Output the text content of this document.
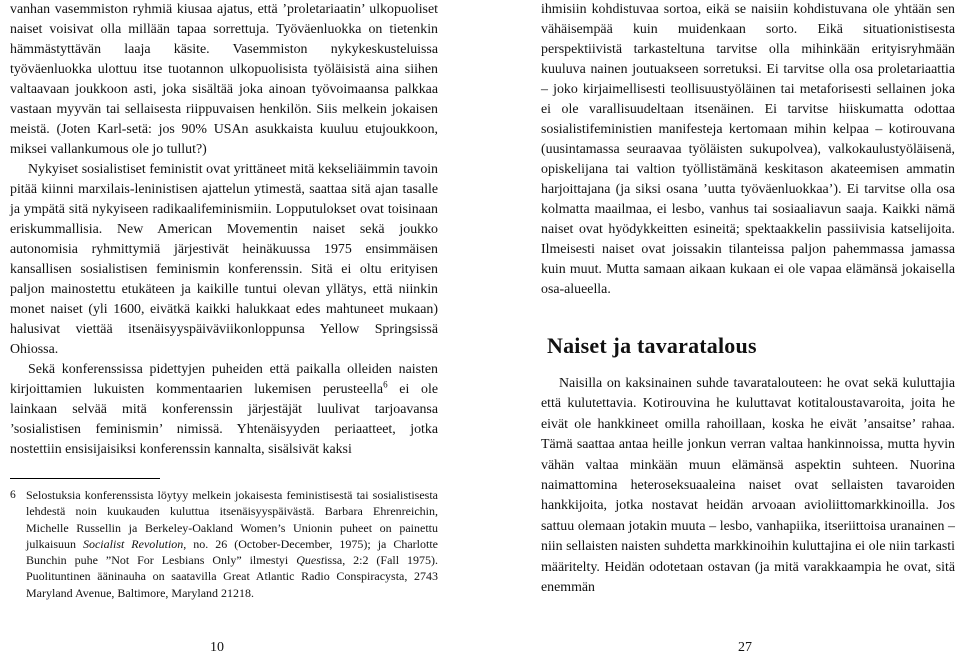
vanhan vasemmiston ryhmiä kiusaa ajatus, että ’proletariaatin’ ulkopuoliset naiset voisivat olla millään tapaa sorrettuja. Työväenluokka on tietenkin hämmästyttävän laaja käsite. Vasemmiston nykykeskusteluissa työväenluokka ulottuu itse tuotannon ulkopuolisista työläisistä aina siihen valtaavaan joukkoon asti, joka sisältää joka ainoan työvoimaansa palkkaa vastaan myyvän tai sellaisesta riippuvaisen henkilön. Siis melkein jokaisen meistä. (Joten Karl-setä: jos 90% USAn asukkaista kuuluu etujoukkoon, miksei vallankumous ole jo tullut?)

Nykyiset sosialistiset feministit ovat yrittäneet mitä kekseliäimmin tavoin pitää kiinni marxilais-leninistisen ajattelun ytimestä, saattaa sitä ajan tasalle ja ympätä sitä nykyiseen radikaalifeminismiin. Lopputulokset ovat toisinaan eriskummallisia. New American Movementin naiset sekä joukko autonomisia ryhmittymiä järjestivät heinäkuussa 1975 ensimmäisen kansallisen sosialistisen feminismin konferenssin. Sitä ei oltu erityisen paljon mainostettu etukäteen ja kaikille tuntui olevan yllätys, että niinkin monet naiset (yli 1600, eivätkä kaikki halukkaat edes mahtuneet mukaan) halusivat viettää itsenäisyyspäiväviikonloppunsa Yellow Springsissä Ohiossa.

Sekä konferenssissa pidettyjen puheiden että paikalla olleiden naisten kirjoittamien lukuisten kommentaarien lukemisen perusteella$^6$ ei ole lainkaan selvää mitä konferenssin järjestäjät luulivat tarjoavansa ’sosialistisen feminismin’ nimissä. Yhtenäisyyden periaatteet, jotka nostettiin ensisijaisiksi konferenssin kannalta, sisälsivät kaksi

6 Selostuksia konferenssista löytyy melkein jokaisesta feministisestä tai sosialistisesta lehdestä noin kuukauden kuluttua itsenäisyyspäivästä. Barbara Ehrenreichin, Michelle Russellin ja Berkeley-Oakland Women’s Unionin puheet on painettu julkaisuun Socialist Revolution, no. 26 (October-December, 1975); ja Charlotte Bunchin puhe ”Not For Lesbians Only” ilmestyi Questissa, 2:2 (Fall 1975). Puolituntinen ääninauha on saatavilla Great Atlantic Radio Conspiracysta, 2743 Maryland Avenue, Baltimore, Maryland 21218.

ihmisiin kohdistuvaa sortoa, eikä se naisiin kohdistuvana ole yhtään sen vähäisempää kuin muidenkaan sorto. Eikä situationistisesta perspektiivistä tarkasteltuna tarvitse olla mihinkään erityisryhmään kuuluva nainen joutuakseen sorretuksi. Ei tarvitse olla osa proletariaattia – joko kirjaimellisesti teollisuustyöläinen tai metaforisesti sellainen joka ei ole varallisuudeltaan itsenäinen. Ei tarvitse hiiskumatta odottaa sosialistifeministien manifesteja kertomaan mihin kelpaa – kotirouvana (uusintamassa seuraavaa työläisten sukupolvea), valkokaulustyöläisenä, opiskelijana tai valtion työllistämänä keskitason akateemisen ammatin harjoittajana (ja siksi osana ’uutta työväenluokkaa’). Ei tarvitse olla osa kolmatta maailmaa, ei lesbo, vanhus tai sosiaaliavun saaja. Kaikki nämä naiset ovat hyödykkeitten esineitä; spektaakkelin passiivisia katselijoita. Ilmeisesti naiset ovat joissakin tilanteissa paljon pahemmassa jamassa kuin muut. Mutta samaan aikaan kukaan ei ole vapaa elämänsä jokaisella osa-alueella.

Naiset ja tavaratalous

Naisilla on kaksinainen suhde tavaratalouteen: he ovat sekä kuluttajia että kulutettavia. Kotirouvina he kuluttavat kotitaloustavaroita, joita he eivät ole hankkineet omilla rahoillaan, koska he eivät ’ansaitse’ rahaa. Tämä saattaa antaa heille jonkun verran valtaa hankinnoissa, mutta hyvin vähän valtaa minkään muun elämänsä aspektin suhteen. Nuorina naimattomina heteroseksuaaleina naiset ovat sellaisten tavaroiden hankkijoita, jotka nostavat heidän arvoaan avioliittomarkkinoilla. Jos sattuu olemaan jotakin muuta – lesbo, vanhapiika, itseriittoisa uranainen – niin sellaisten naisten suhdetta markkinoihin kuluttajina ei ole niin tarkasti määritelty. Heidän odotetaan ostavan (ja mitä varakkaampia he ovat, sitä enemmän

10	27
